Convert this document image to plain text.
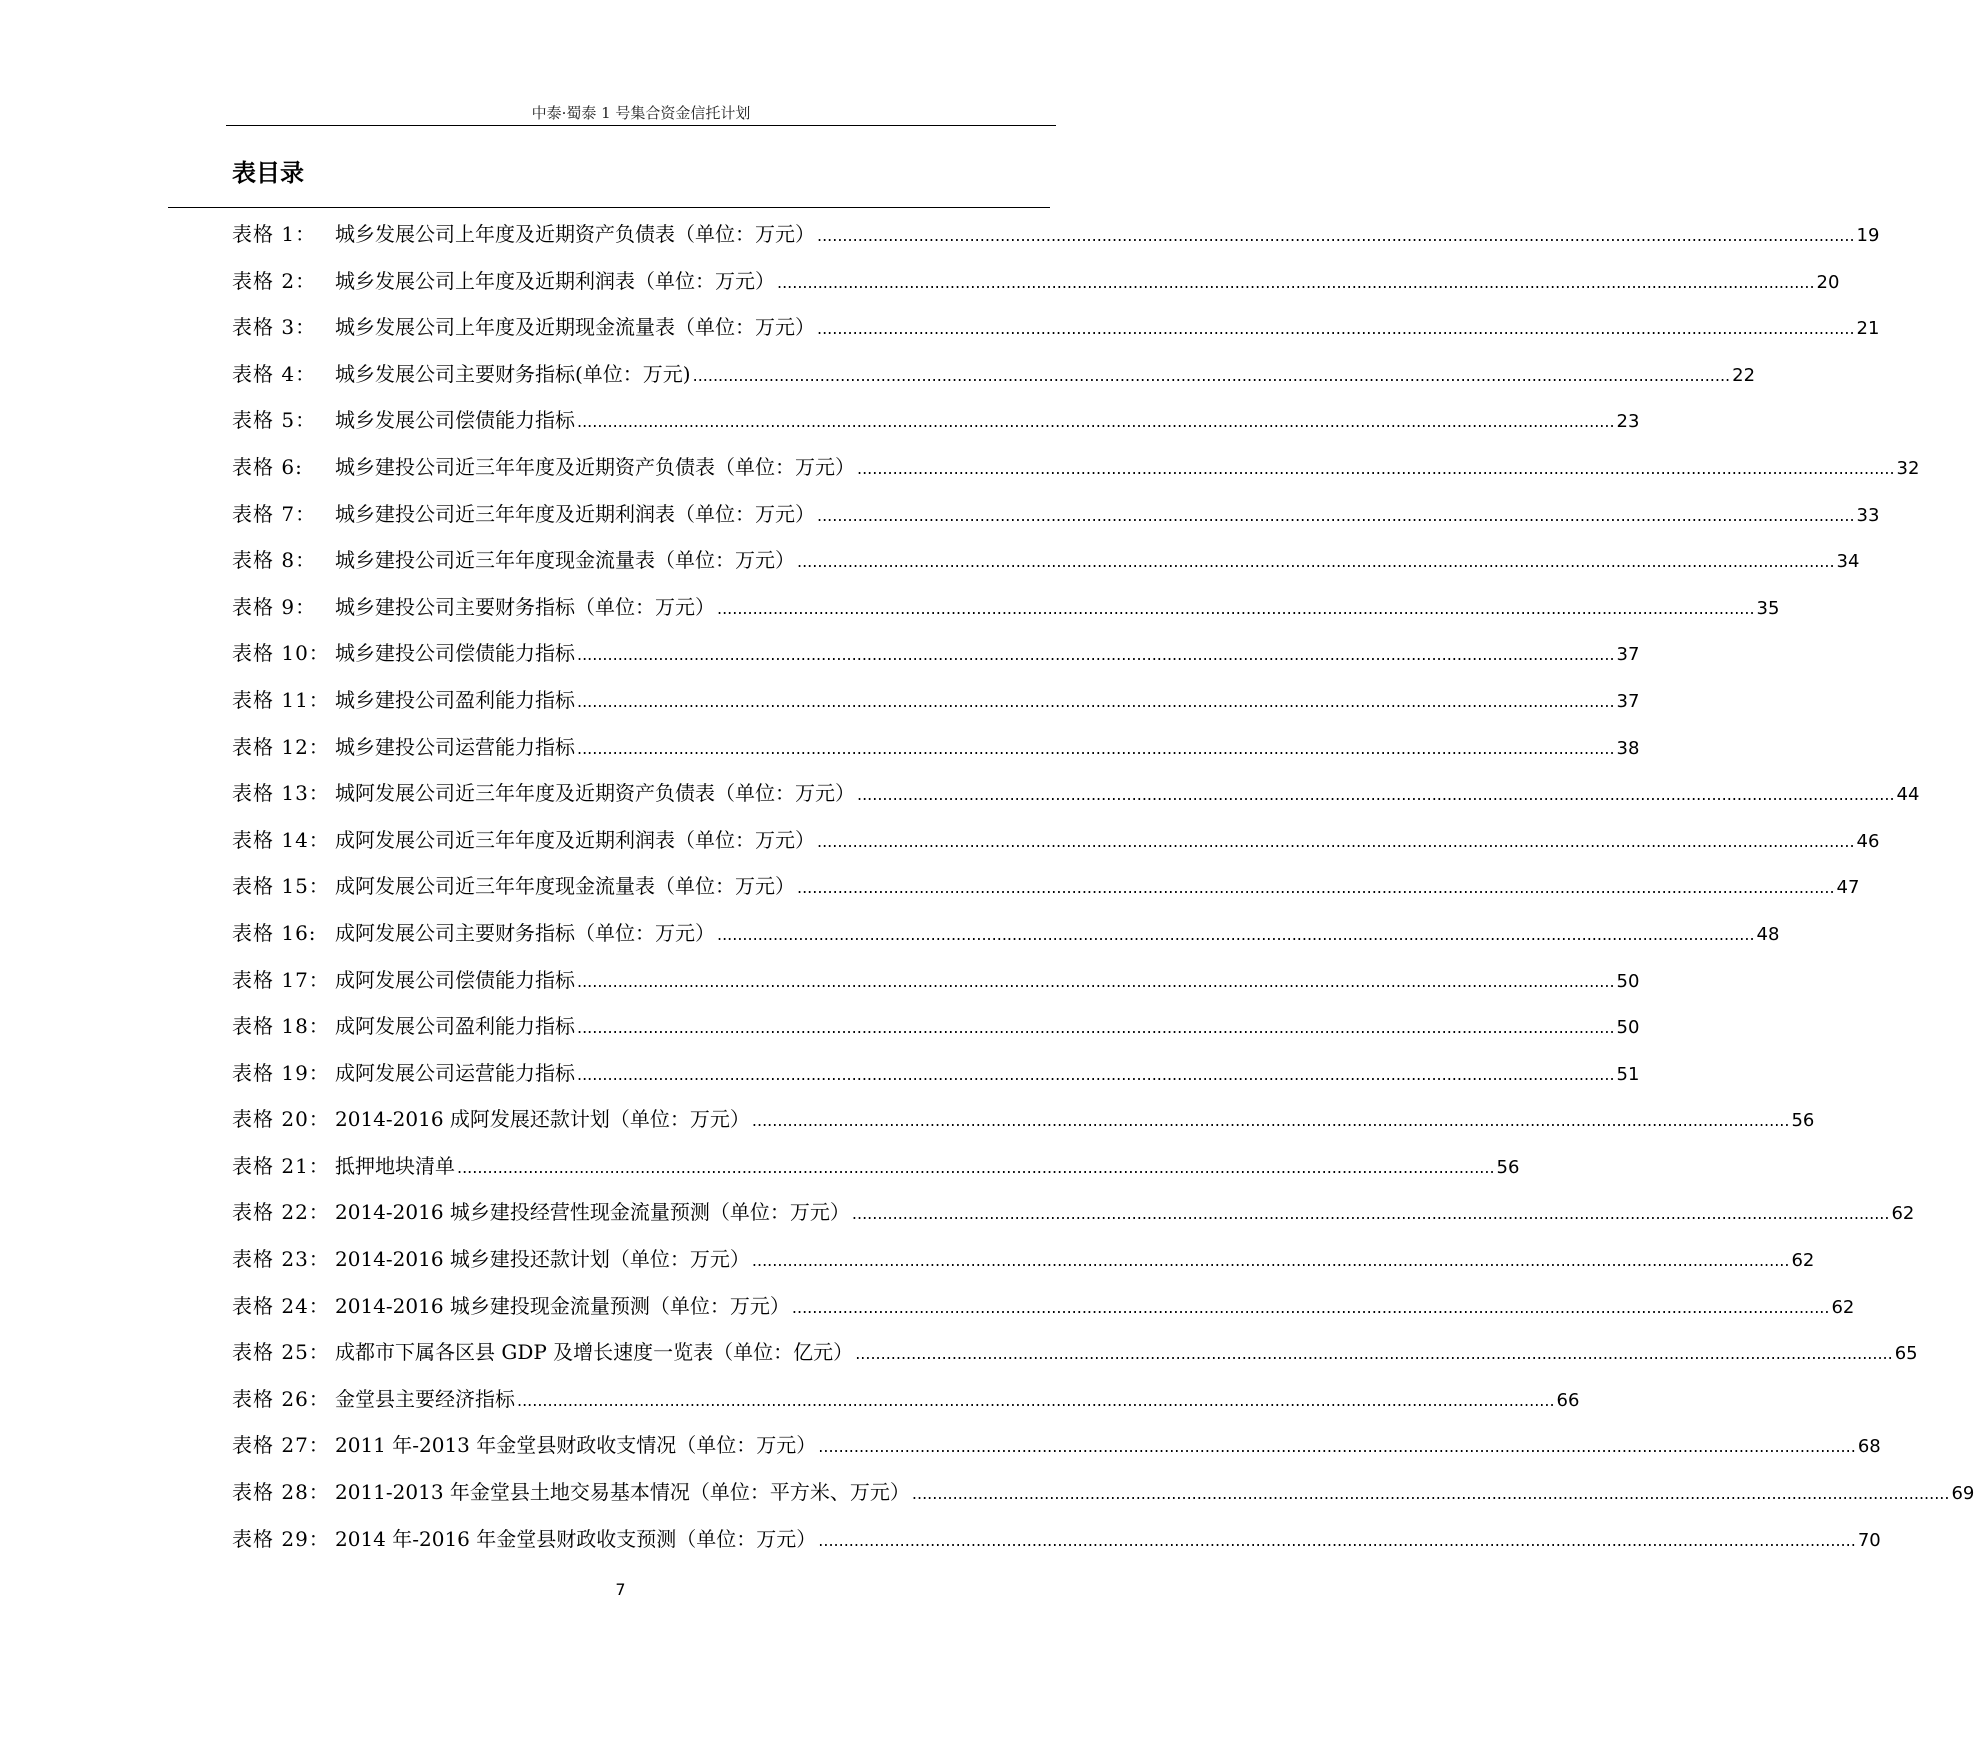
中泰·蜀泰 1 号集合资金信托计划
表目录
表格 1： 城乡发展公司上年度及近期资产负债表（单位：万元） .....	19
表格 2： 城乡发展公司上年度及近期利润表（单位：万元） .....	20
表格 3： 城乡发展公司上年度及近期现金流量表（单位：万元） .....	21
表格 4： 城乡发展公司主要财务指标(单位：万元) .....	22
表格 5： 城乡发展公司偿债能力指标 .....	23
表格 6:	城乡建投公司近三年年度及近期资产负债表（单位：万元） .....	32
表格 7： 城乡建投公司近三年年度及近期利润表（单位：万元） .....	33
表格 8： 城乡建投公司近三年年度现金流量表（单位：万元） .....	34
表格 9： 城乡建投公司主要财务指标（单位：万元） .....	35
表格 10： 城乡建投公司偿债能力指标 .....	37
表格 11： 城乡建投公司盈利能力指标 .....	37
表格 12： 城乡建投公司运营能力指标 .....	38
表格 13： 城阿发展公司近三年年度及近期资产负债表（单位：万元） .....	44
表格 14： 成阿发展公司近三年年度及近期利润表（单位：万元） .....	46
表格 15： 成阿发展公司近三年年度现金流量表（单位：万元） .....	47
表格 16: 成阿发展公司主要财务指标（单位：万元） .....	48
表格 17： 成阿发展公司偿债能力指标 .....	50
表格 18： 成阿发展公司盈利能力指标 .....	50
表格 19： 成阿发展公司运营能力指标 .....	51
表格 20： 2014-2016 成阿发展还款计划（单位：万元） .....	56
表格 21： 抵押地块清单 .....	56
表格 22： 2014-2016 城乡建投经营性现金流量预测（单位：万元） .....	62
表格 23： 2014-2016 城乡建投还款计划（单位：万元） .....	62
表格 24： 2014-2016 城乡建投现金流量预测（单位：万元） .....	62
表格 25： 成都市下属各区县 GDP 及增长速度一览表（单位：亿元） .....	65
表格 26： 金堂县主要经济指标 .....	66
表格 27： 2011 年-2013 年金堂县财政收支情况（单位：万元） .....	68
表格 28： 2011-2013 年金堂县土地交易基本情况（单位：平方米、万元） .....	69
表格 29： 2014 年-2016 年金堂县财政收支预测（单位：万元） .....	70
7
